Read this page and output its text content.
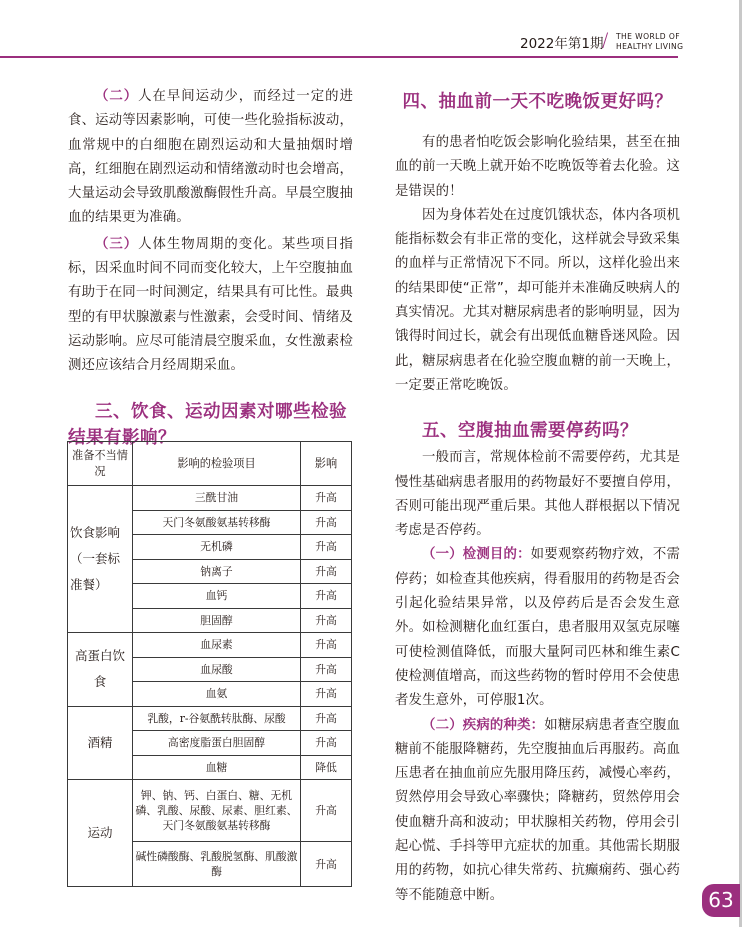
2022年第1期
/ THE WORLD OF
HEALTHY LIVING

（二）人在早间运动少，而经过一定的进食、运动等因素影响，可使一些化验指标波动，血常规中的白细胞在剧烈运动和大量抽烟时增高，红细胞在剧烈运动和情绪激动时也会增高，大量运动会导致肌酸激酶假性升高。早晨空腹抽血的结果更为准确。

（三）人体生物周期的变化。某些项目指标，因采血时间不同而变化较大，上午空腹抽血有助于在同一时间测定，结果具有可比性。最典型的有甲状腺激素与性激素，会受时间、情绪及运动影响。应尽可能清晨空腹采血，女性激素检测还应该结合月经周期采血。

三、饮食、运动因素对哪些检验结果有影响？
准备不当情况	影响的检验项目	影响
饮食影响（一套标准餐）	三酰甘油	升高
	天门冬氨酸氨基转移酶	升高
	无机磷	升高
	钠离子	升高
	血钙	升高
	胆固醇	升高
高蛋白饮食	血尿素	升高
	血尿酸	升高
	血氨	升高
酒精	乳酸，r-谷氨酰转肽酶、尿酸	升高
	高密度脂蛋白胆固醇	升高
	血糖	降低
运动	钾、钠、钙、白蛋白、糖、无机磷、乳酸、尿酸、尿素、胆红素、天门冬氨酸氨基转移酶	升高
	碱性磷酸酶、乳酸脱氢酶、肌酸激酶	升高
四、抽血前一天不吃晚饭更好吗？

有的患者怕吃饭会影响化验结果，甚至在抽血的前一天晚上就开始不吃晚饭等着去化验。这是错误的！

因为身体若处在过度饥饿状态，体内各项机能指标数会有非正常的变化，这样就会导致采集的血样与正常情况下不同。所以，这样化验出来的结果即使“正常”，却可能并未准确反映病人的真实情况。尤其对糖尿病患者的影响明显，因为饿得时间过长，就会有出现低血糖昏迷风险。因此，糖尿病患者在化验空腹血糖的前一天晚上，一定要正常吃晚饭。

五、空腹抽血需要停药吗？

一般而言，常规体检前不需要停药，尤其是慢性基础病患者服用的药物最好不要擅自停用，否则可能出现严重后果。其他人群根据以下情况考虑是否停药。

（一）检测目的：如要观察药物疗效，不需停药；如检查其他疾病，得看服用的药物是否会引起化验结果异常，以及停药后是否会发生意外。如检测糖化血红蛋白，患者服用双氢克尿噻可使检测值降低，而服大量阿司匹林和维生素C使检测值增高，而这些药物的暂时停用不会使患者发生意外，可停服1次。

（二）疾病的种类：如糖尿病患者查空腹血糖前不能服降糖药，先空腹抽血后再服药。高血压患者在抽血前应先服用降压药，减慢心率药，贸然停用会导致心率骤快；降糖药，贸然停用会使血糖升高和波动；甲状腺相关药物，停用会引起心慌、手抖等甲亢症状的加重。其他需长期服用的药物，如抗心律失常药、抗癫痫药、强心药等不能随意中断。	63
